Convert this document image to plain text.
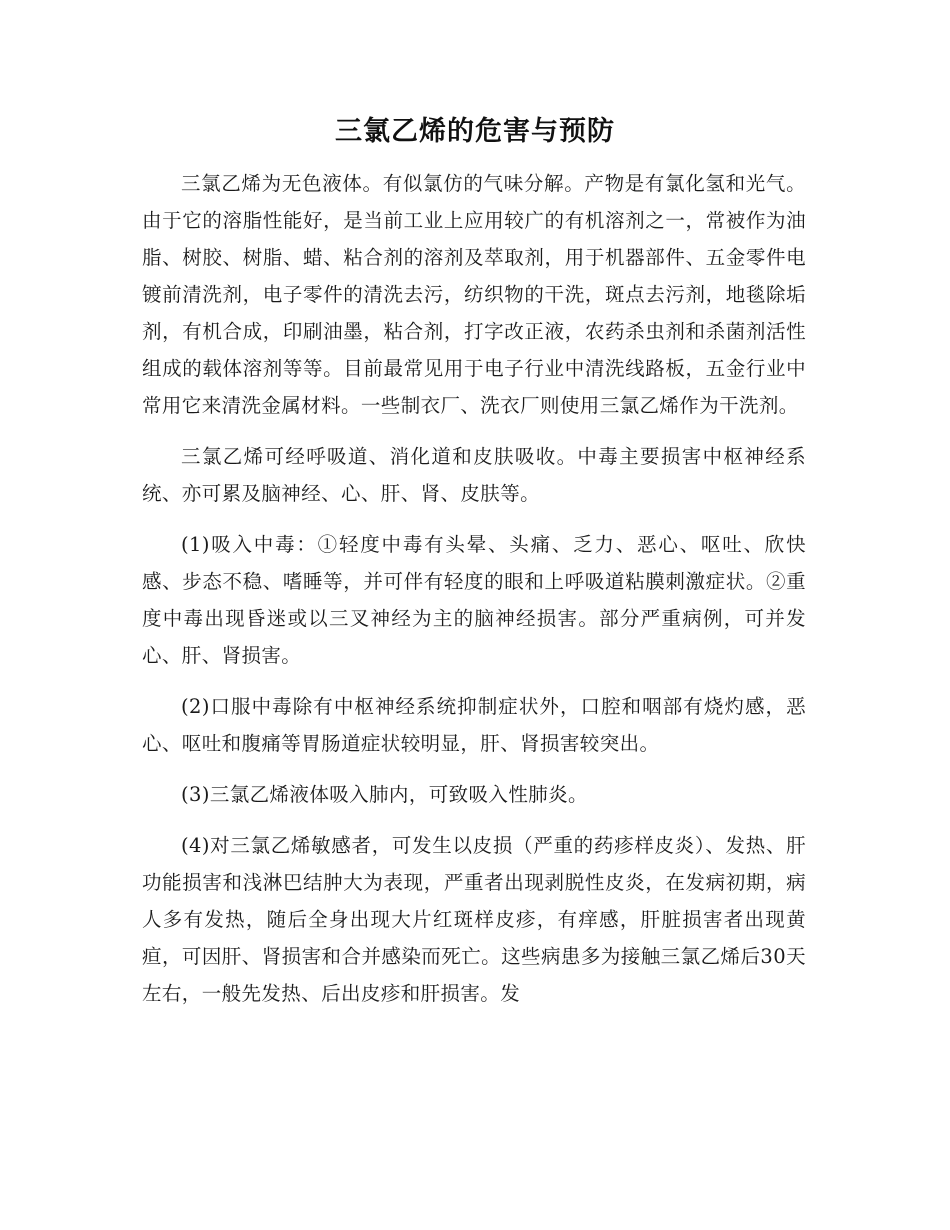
三氯乙烯的危害与预防

三氯乙烯为无色液体。有似氯仿的气味分解。产物是有氯化氢和光气。由于它的溶脂性能好，是当前工业上应用较广的有机溶剂之一，常被作为油脂、树胶、树脂、蜡、粘合剂的溶剂及萃取剂，用于机器部件、五金零件电镀前清洗剂，电子零件的清洗去污，纺织物的干洗，斑点去污剂，地毯除垢剂，有机合成，印刷油墨，粘合剂，打字改正液，农药杀虫剂和杀菌剂活性组成的载体溶剂等等。目前最常见用于电子行业中清洗线路板，五金行业中常用它来清洗金属材料。一些制衣厂、洗衣厂则使用三氯乙烯作为干洗剂。

三氯乙烯可经呼吸道、消化道和皮肤吸收。中毒主要损害中枢神经系统、亦可累及脑神经、心、肝、肾、皮肤等。

(1)吸入中毒：①轻度中毒有头晕、头痛、乏力、恶心、呕吐、欣快感、步态不稳、嗜睡等，并可伴有轻度的眼和上呼吸道粘膜刺激症状。②重度中毒出现昏迷或以三叉神经为主的脑神经损害。部分严重病例，可并发心、肝、肾损害。

(2)口服中毒除有中枢神经系统抑制症状外，口腔和咽部有烧灼感，恶心、呕吐和腹痛等胃肠道症状较明显，肝、肾损害较突出。

(3)三氯乙烯液体吸入肺内，可致吸入性肺炎。

(4)对三氯乙烯敏感者，可发生以皮损（严重的药疹样皮炎）、发热、肝功能损害和浅淋巴结肿大为表现，严重者出现剥脱性皮炎，在发病初期，病人多有发热，随后全身出现大片红斑样皮疹，有痒感，肝脏损害者出现黄疸，可因肝、肾损害和合并感染而死亡。这些病患多为接触三氯乙烯后30天左右，一般先发热、后出皮疹和肝损害。发
